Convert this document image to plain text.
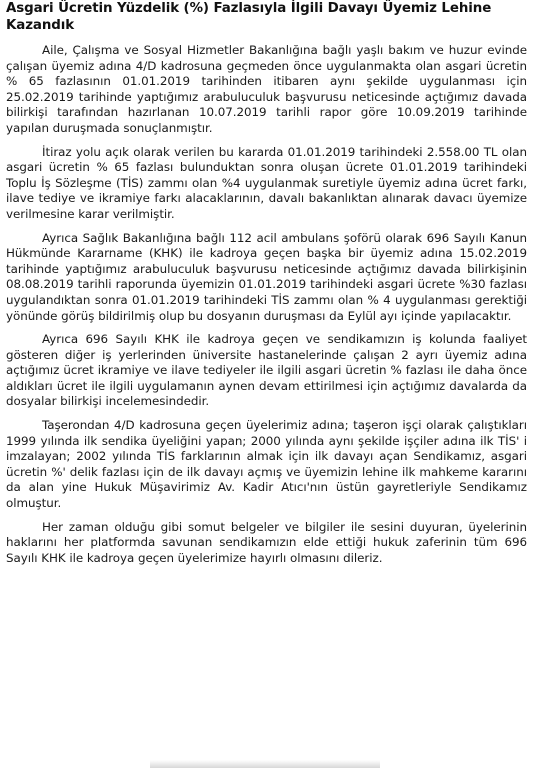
Asgari Ücretin Yüzdelik (%) Fazlasıyla İlgili Davayı Üyemiz Lehine Kazandık

Aile, Çalışma ve Sosyal Hizmetler Bakanlığına bağlı yaşlı bakım ve huzur evinde çalışan üyemiz adına 4/D kadrosuna geçmeden önce uygulanmakta olan asgari ücretin % 65 fazlasının 01.01.2019 tarihinden itibaren aynı şekilde uygulanması için 25.02.2019 tarihinde yaptığımız arabuluculuk başvurusu neticesinde açtığımız davada bilirkişi tarafından hazırlanan 10.07.2019 tarihli rapor göre 10.09.2019 tarihinde yapılan duruşmada sonuçlanmıştır.

İtiraz yolu açık olarak verilen bu kararda 01.01.2019 tarihindeki 2.558.00 TL olan asgari ücretin % 65 fazlası bulunduktan sonra oluşan ücrete 01.01.2019 tarihindeki Toplu İş Sözleşme (TİS) zammı olan %4 uygulanmak suretiyle üyemiz adına ücret farkı, ilave tediye ve ikramiye farkı alacaklarının, davalı bakanlıktan alınarak davacı üyemize verilmesine karar verilmiştir.

Ayrıca Sağlık Bakanlığına bağlı 112 acil ambulans şoförü olarak 696 Sayılı Kanun Hükmünde Kararname (KHK) ile kadroya geçen başka bir üyemiz adına 15.02.2019 tarihinde yaptığımız arabuluculuk başvurusu neticesinde açtığımız davada bilirkişinin 08.08.2019 tarihli raporunda üyemizin 01.01.2019 tarihindeki asgari ücrete %30 fazlası uygulandıktan sonra 01.01.2019 tarihindeki TİS zammı olan % 4 uygulanması gerektiği yönünde görüş bildirilmiş olup bu dosyanın duruşması da Eylül ayı içinde yapılacaktır.

Ayrıca 696 Sayılı KHK ile kadroya geçen ve sendikamızın iş kolunda faaliyet gösteren diğer iş yerlerinden üniversite hastanelerinde çalışan 2 ayrı üyemiz adına açtığımız ücret ikramiye ve ilave tediyeler ile ilgili asgari ücretin % fazlası ile daha önce aldıkları ücret ile ilgili uygulamanın aynen devam ettirilmesi için açtığımız davalarda da dosyalar bilirkişi incelemesindedir.

Taşerondan 4/D kadrosuna geçen üyelerimiz adına; taşeron işçi olarak çalıştıkları 1999 yılında ilk sendika üyeliğini yapan; 2000 yılında aynı şekilde işçiler adına ilk TİS' i imzalayan; 2002 yılında TİS farklarının almak için ilk davayı açan Sendikamız, asgari ücretin %' delik fazlası için de ilk davayı açmış ve üyemizin lehine ilk mahkeme kararını da alan yine Hukuk Müşavirimiz Av. Kadir Atıcı'nın üstün gayretleriyle Sendikamız olmuştur.

Her zaman olduğu gibi somut belgeler ve bilgiler ile sesini duyuran, üyelerinin haklarını her platformda savunan sendikamızın elde ettiği hukuk zaferinin tüm 696 Sayılı KHK ile kadroya geçen üyelerimize hayırlı olmasını dileriz.
